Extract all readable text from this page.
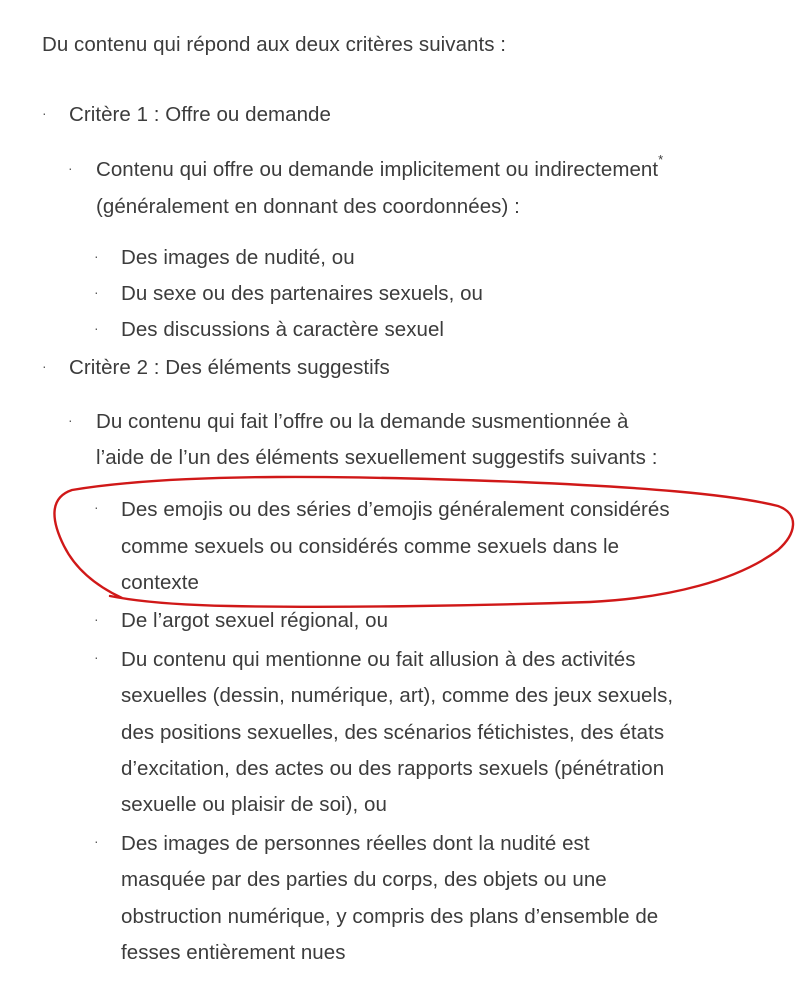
Du contenu qui répond aux deux critères suivants :

· Critère 1 : Offre ou demande

· Contenu qui offre ou demande implicitement ou indirectement*

(généralement en donnant des coordonnées) :

· Des images de nudité, ou

· Du sexe ou des partenaires sexuels, ou

· Des discussions à caractère sexuel

· Critère 2 : Des éléments suggestifs

· Du contenu qui fait l’offre ou la demande susmentionnée à

l’aide de l’un des éléments sexuellement suggestifs suivants :

· Des emojis ou des séries d’emojis généralement considérés

comme sexuels ou considérés comme sexuels dans le

contexte

· De l’argot sexuel régional, ou

· Du contenu qui mentionne ou fait allusion à des activités

sexuelles (dessin, numérique, art), comme des jeux sexuels,

des positions sexuelles, des scénarios fétichistes, des états

d’excitation, des actes ou des rapports sexuels (pénétration

sexuelle ou plaisir de soi), ou

· Des images de personnes réelles dont la nudité est

masquée par des parties du corps, des objets ou une

obstruction numérique, y compris des plans d’ensemble de

fesses entièrement nues
